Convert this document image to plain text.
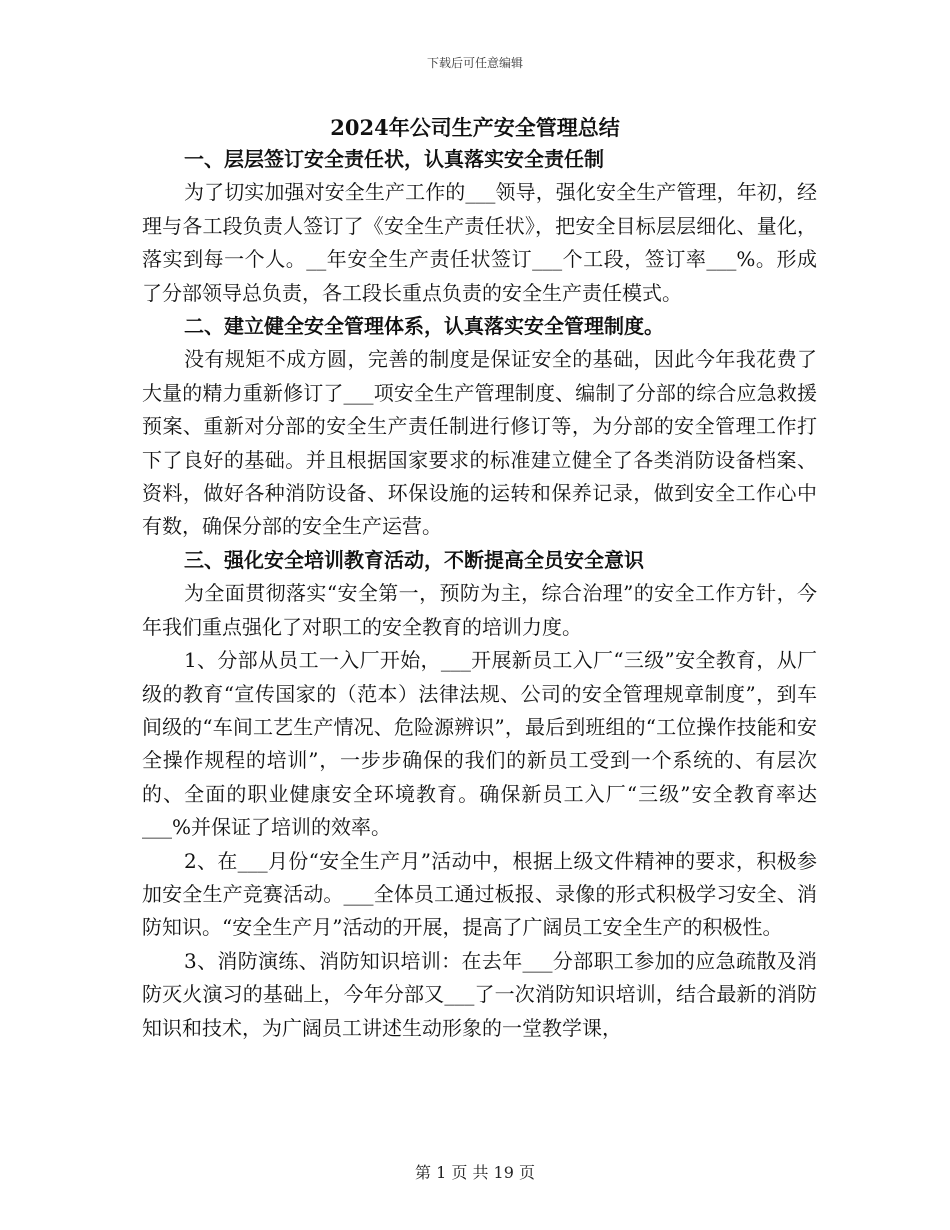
下载后可任意编辑
2024年公司生产安全管理总结

一、层层签订安全责任状，认真落实安全责任制

为了切实加强对安全生产工作的___领导，强化安全生产管理，年初，经理与各工段负责人签订了《安全生产责任状》，把安全目标层层细化、量化，落实到每一个人。__年安全生产责任状签订___个工段，签订率___%。形成了分部领导总负责，各工段长重点负责的安全生产责任模式。

二、建立健全安全管理体系，认真落实安全管理制度。

没有规矩不成方圆，完善的制度是保证安全的基础，因此今年我花费了大量的精力重新修订了___项安全生产管理制度、编制了分部的综合应急救援预案、重新对分部的安全生产责任制进行修订等，为分部的安全管理工作打下了良好的基础。并且根据国家要求的标准建立健全了各类消防设备档案、资料，做好各种消防设备、环保设施的运转和保养记录，做到安全工作心中有数，确保分部的安全生产运营。

三、强化安全培训教育活动，不断提高全员安全意识

为全面贯彻落实“安全第一，预防为主，综合治理”的安全工作方针，今年我们重点强化了对职工的安全教育的培训力度。

1、分部从员工一入厂开始，___开展新员工入厂“三级”安全教育，从厂级的教育“宣传国家的（范本）法律法规、公司的安全管理规章制度”，到车间级的“车间工艺生产情况、危险源辨识”，最后到班组的“工位操作技能和安全操作规程的培训”，一步步确保的我们的新员工受到一个系统的、有层次的、全面的职业健康安全环境教育。确保新员工入厂“三级”安全教育率达___%并保证了培训的效率。

2、在___月份“安全生产月”活动中，根据上级文件精神的要求，积极参加安全生产竞赛活动。___全体员工通过板报、录像的形式积极学习安全、消防知识。“安全生产月”活动的开展，提高了广阔员工安全生产的积极性。

3、消防演练、消防知识培训：在去年___分部职工参加的应急疏散及消防灭火演习的基础上，今年分部又___了一次消防知识培训，结合最新的消防知识和技术，为广阔员工讲述生动形象的一堂教学课，

第 1 页 共 19 页
